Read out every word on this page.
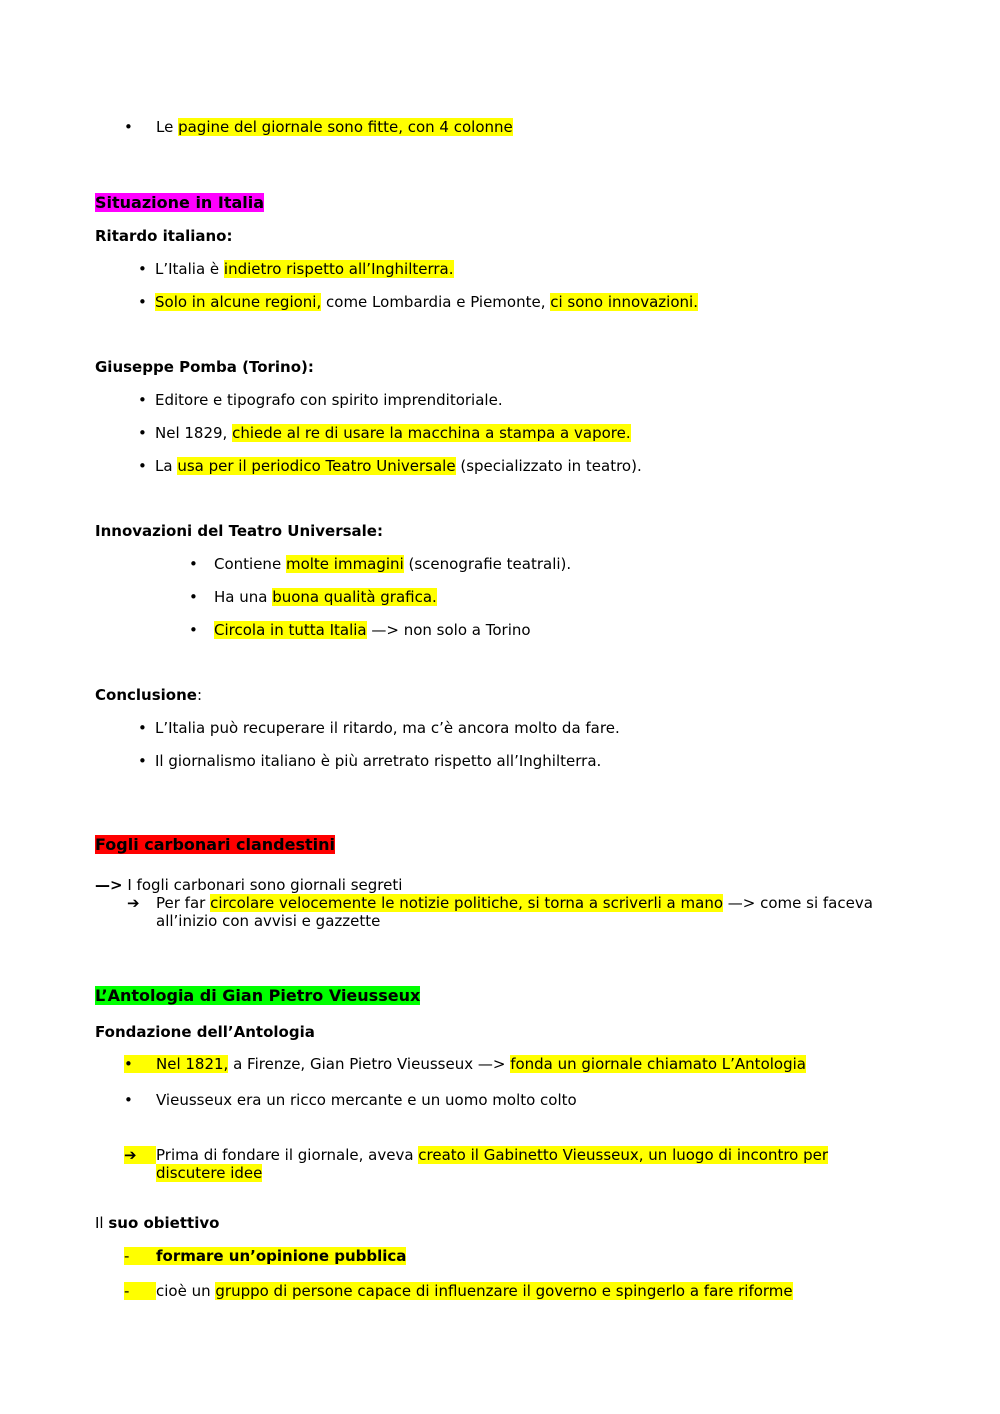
• Le pagine del giornale sono fitte, con 4 colonne
Situazione in Italia
Ritardo italiano:
• L’Italia è indietro rispetto all’Inghilterra.
• Solo in alcune regioni, come Lombardia e Piemonte, ci sono innovazioni.
Giuseppe Pomba (Torino):
• Editore e tipografo con spirito imprenditoriale.
• Nel 1829, chiede al re di usare la macchina a stampa a vapore.
• La usa per il periodico Teatro Universale (specializzato in teatro).
Innovazioni del Teatro Universale:
• Contiene molte immagini (scenografie teatrali).
• Ha una buona qualità grafica.
• Circola in tutta Italia —> non solo a Torino
Conclusione:
• L’Italia può recuperare il ritardo, ma c’è ancora molto da fare.
• Il giornalismo italiano è più arretrato rispetto all’Inghilterra.
Fogli carbonari clandestini
—> I fogli carbonari sono giornali segreti
➔ Per far circolare velocemente le notizie politiche, si torna a scriverli a mano —> come si faceva
all’inizio con avvisi e gazzette
L’Antologia di Gian Pietro Vieusseux
Fondazione dell’Antologia
•	Nel 1821, a Firenze, Gian Pietro Vieusseux —> fonda un giornale chiamato L’Antologia
• Vieusseux era un ricco mercante e un uomo molto colto
➔	Prima di fondare il giornale, aveva creato il Gabinetto Vieusseux, un luogo di incontro per
discutere idee
Il suo obiettivo
-	formare un’opinione pubblica
-	cioè un gruppo di persone capace di influenzare il governo e spingerlo a fare riforme
